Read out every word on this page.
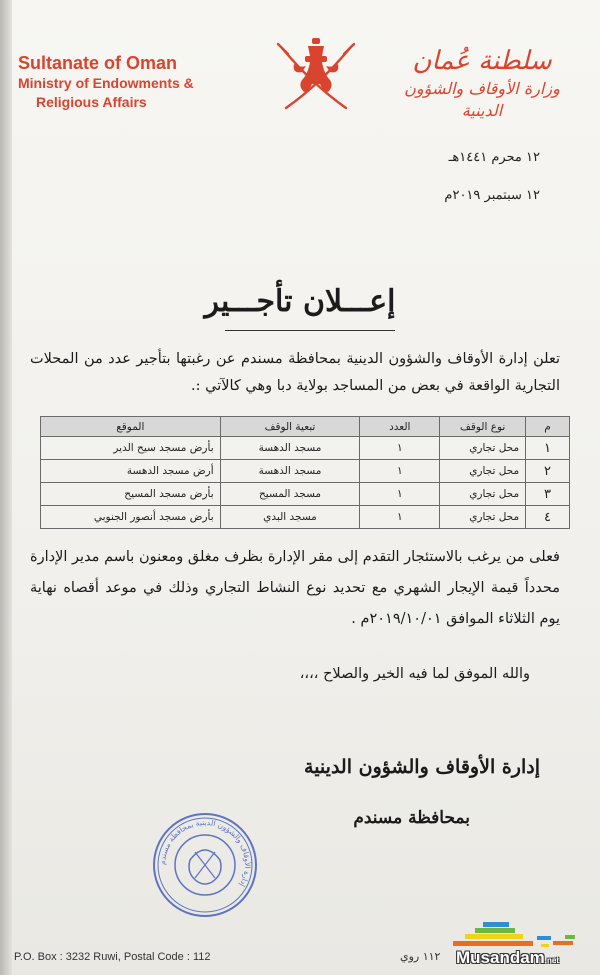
Sultanate of Oman
Ministry of Endowments &
Religious Affairs
سلطنة عُمان
وزارة الأوقاف والشؤون الدينية
١٢ محرم ١٤٤١هـ
١٢ سبتمبر ٢٠١٩م
إعـــلان تأجـــير
تعلن إدارة الأوقاف والشؤون الدينية بمحافظة مسندم عن رغبتها بتأجير عدد من المحلات التجارية الواقعة في بعض من المساجد بولاية دبا وهي كالآتي :.
م	نوع الوقف	العدد	تبعية الوقف	الموقع
١	محل تجاري	١	مسجد الدهسة	بأرض مسجد سيح الدير
٢	محل تجاري	١	مسجد الدهسة	أرض مسجد الدهسة
٣	محل تجاري	١	مسجد المسيح	بأرض مسجد المسيح
٤	محل تجاري	١	مسجد البدي	بأرض مسجد أنصور الجنوبي
فعلى من يرغب بالاستئجار التقدم إلى مقر الإدارة بظرف مغلق ومعنون باسم مدير الإدارة محدداً قيمة الإيجار الشهري مع تحديد نوع النشاط التجاري وذلك في موعد أقصاه نهاية يوم الثلاثاء الموافق ٢٠١٩/١٠/٠١م .
والله الموفق لما فيه الخير والصلاح ،،،،
إدارة الأوقاف والشؤون الدينية
بمحافظة مسندم
إدارة الأوقاف والشؤون الدينية بمحافظة مسندم
P.O. Box : 3232 Ruwi, Postal Code : 112	١١٢ روي Musandam.net
